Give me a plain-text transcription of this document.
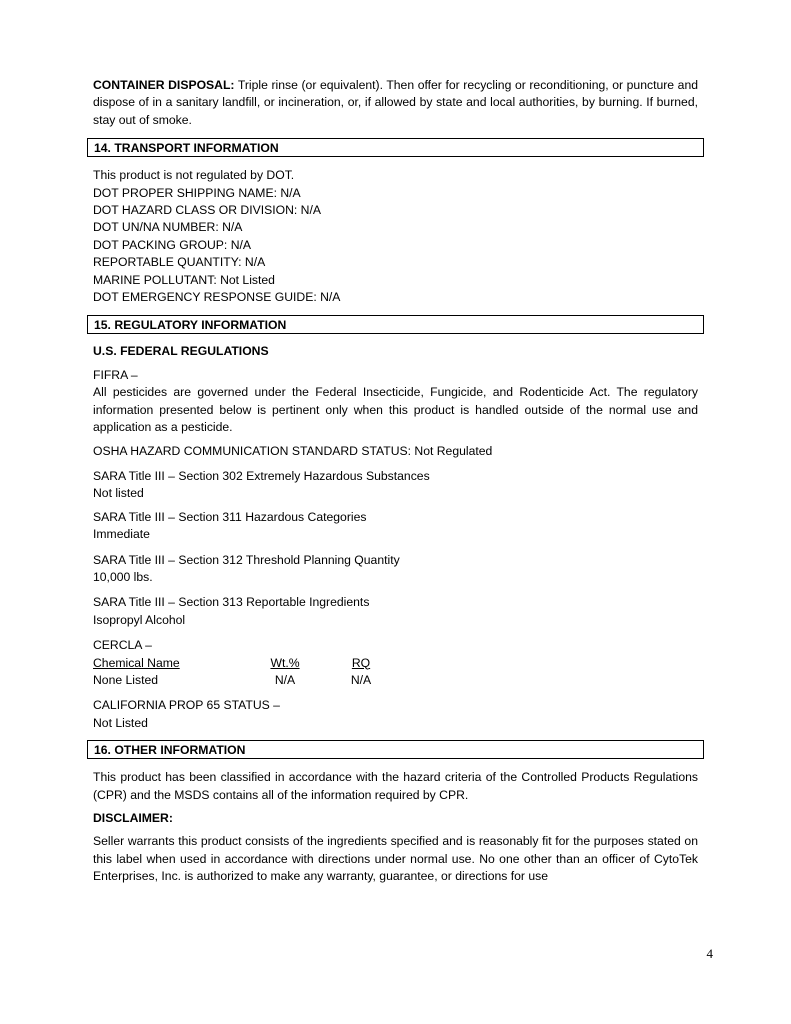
CONTAINER DISPOSAL: Triple rinse (or equivalent). Then offer for recycling or reconditioning, or puncture and dispose of in a sanitary landfill, or incineration, or, if allowed by state and local authorities, by burning. If burned, stay out of smoke.

14. TRANSPORT INFORMATION

This product is not regulated by DOT.

DOT PROPER SHIPPING NAME: N/A

DOT HAZARD CLASS OR DIVISION: N/A

DOT UN/NA NUMBER: N/A

DOT PACKING GROUP: N/A

REPORTABLE QUANTITY: N/A

MARINE POLLUTANT: Not Listed

DOT EMERGENCY RESPONSE GUIDE: N/A

15. REGULATORY INFORMATION

U.S. FEDERAL REGULATIONS

FIFRA –

All pesticides are governed under the Federal Insecticide, Fungicide, and Rodenticide Act. The regulatory information presented below is pertinent only when this product is handled outside of the normal use and application as a pesticide.

OSHA HAZARD COMMUNICATION STANDARD STATUS: Not Regulated

SARA Title III – Section 302 Extremely Hazardous Substances

Not listed

SARA Title III – Section 311 Hazardous Categories

Immediate

SARA Title III – Section 312 Threshold Planning Quantity

10,000 lbs.

SARA Title III – Section 313 Reportable Ingredients

Isopropyl Alcohol

CERCLA –

Chemical Name	Wt.%	RQ
None Listed	N/A	N/A

CALIFORNIA PROP 65 STATUS –

Not Listed

16. OTHER INFORMATION

This product has been classified in accordance with the hazard criteria of the Controlled Products Regulations (CPR) and the MSDS contains all of the information required by CPR.

DISCLAIMER:

Seller warrants this product consists of the ingredients specified and is reasonably fit for the purposes stated on this label when used in accordance with directions under normal use. No one other than an officer of CytoTek Enterprises, Inc. is authorized to make any warranty, guarantee, or directions for use

4
